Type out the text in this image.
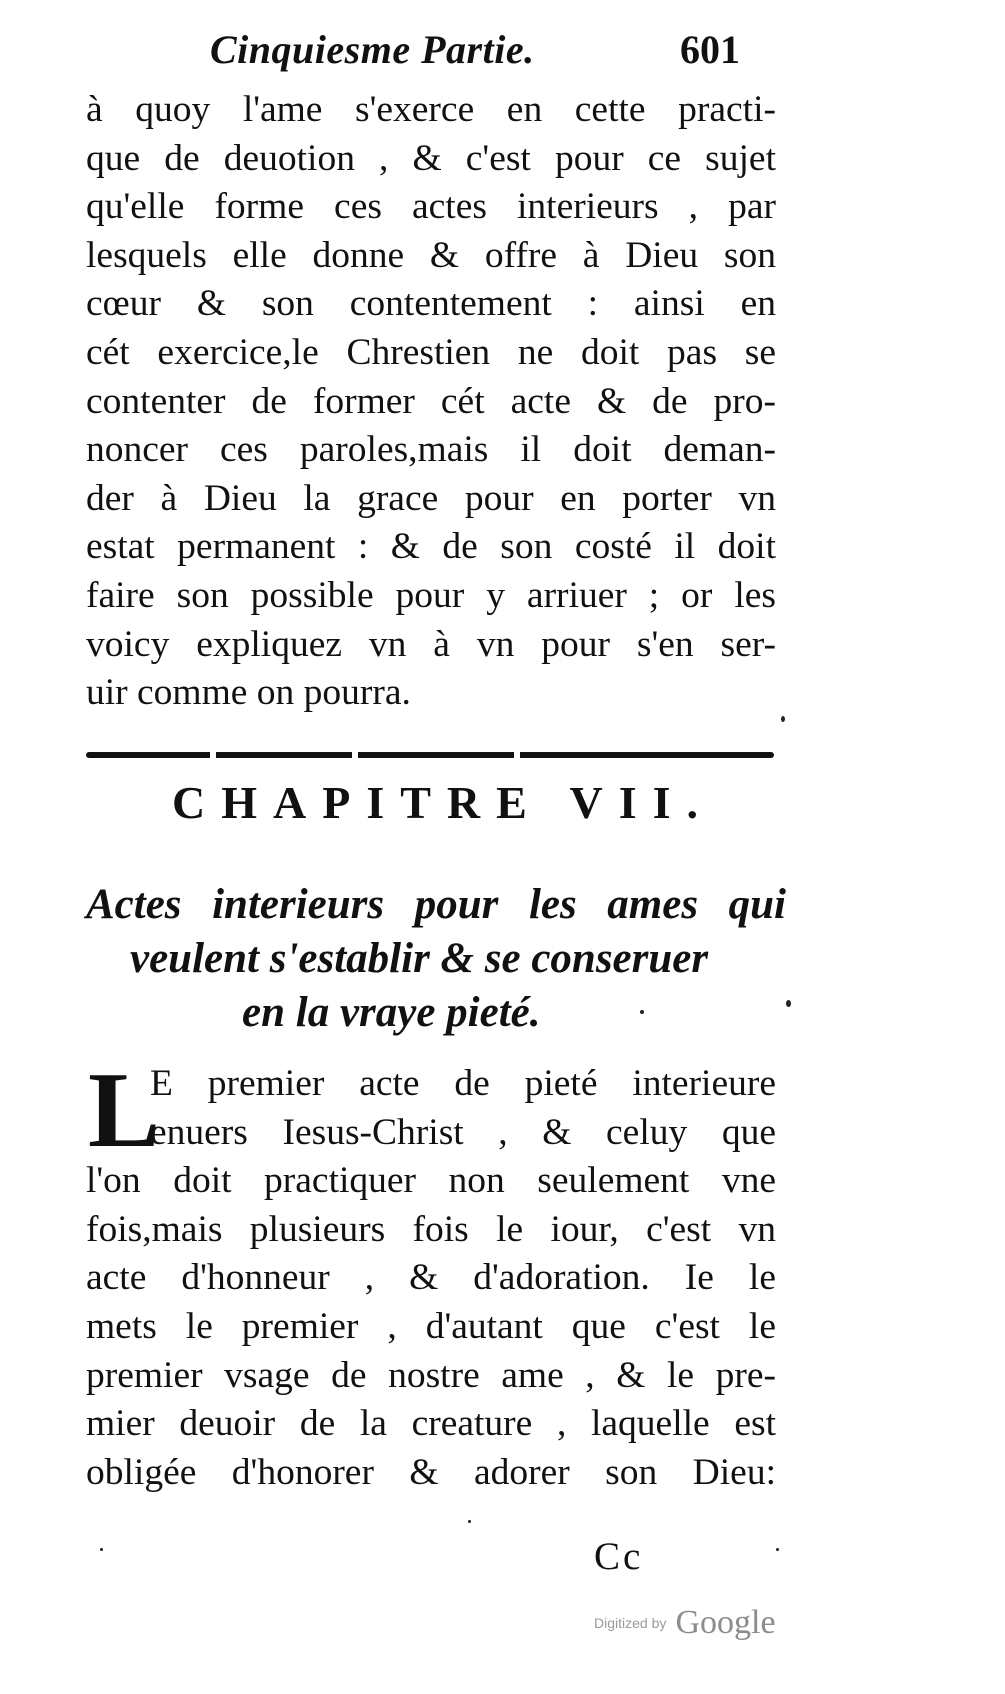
Cinquiesme Partie.	601
à quoy l'ame s'exerce en cette practi-
que de deuotion , & c'est pour ce sujet
qu'elle forme ces actes interieurs , par
lesquels elle donne & offre à Dieu son
cœur & son contentement : ainsi en
cét exercice,le Chrestien ne doit pas se
contenter de former cét acte & de pro-
noncer ces paroles,mais il doit deman-
der à Dieu la grace pour en porter vn
estat permanent : & de son costé il doit
faire son possible pour y arriuer ; or les
voicy expliquez vn à vn pour s'en ser-
uir comme on pourra.
CHAPITRE VII.
Actes interieurs pour les ames qui
veulent s'establir & se conseruer
en la vraye pieté.
L
E premier acte de pieté interieure
enuers Iesus-Christ , & celuy que
l'on doit practiquer non seulement vne
fois,mais plusieurs fois le iour, c'est vn
acte d'honneur , & d'adoration. Ie le
mets le premier , d'autant que c'est le
premier vsage de nostre ame , & le pre-
mier deuoir de la creature , laquelle est
obligée d'honorer & adorer son Dieu:
Cc
Digitized by Google
